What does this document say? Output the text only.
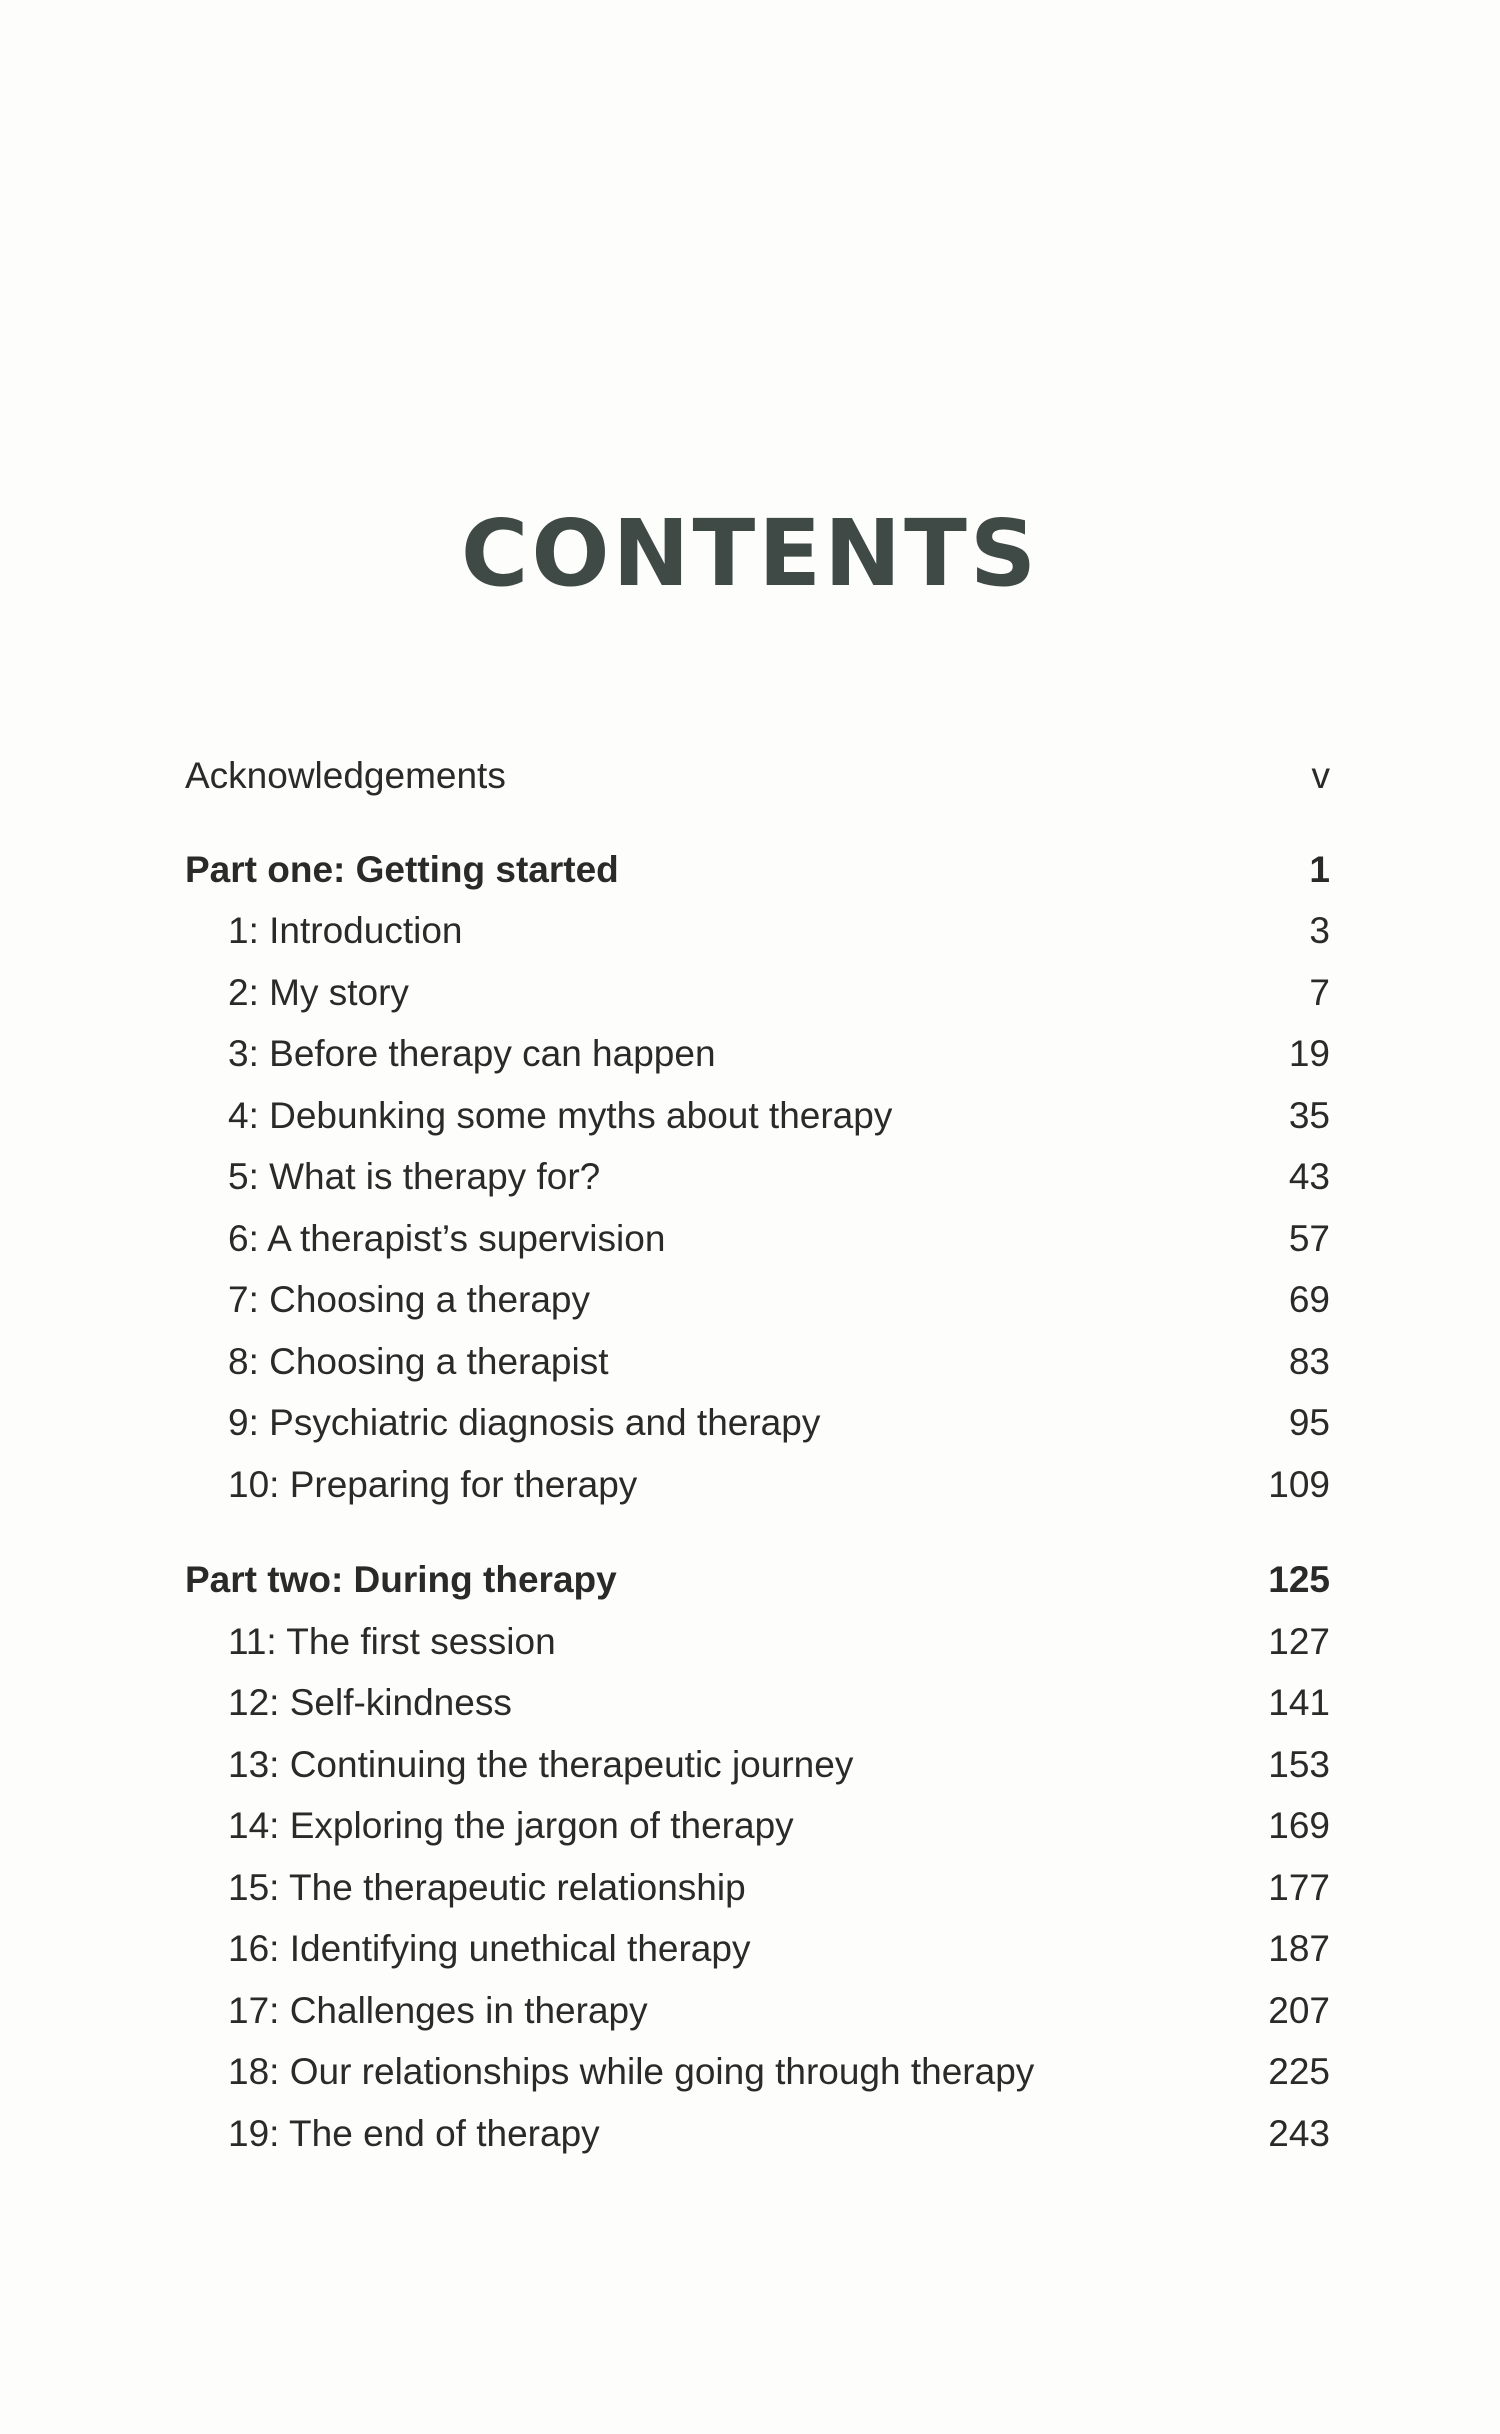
CONTENTS
Acknowledgements	v
Part one: Getting started	1
1: Introduction	3
2: My story	7
3: Before therapy can happen	19
4: Debunking some myths about therapy	35
5: What is therapy for?	43
6: A therapist’s supervision	57
7: Choosing a therapy	69
8: Choosing a therapist	83
9: Psychiatric diagnosis and therapy	95
10: Preparing for therapy	109
Part two: During therapy	125
11: The first session	127
12: Self-kindness	141
13: Continuing the therapeutic journey	153
14: Exploring the jargon of therapy	169
15: The therapeutic relationship	177
16: Identifying unethical therapy	187
17: Challenges in therapy	207
18: Our relationships while going through therapy	225
19: The end of therapy	243
